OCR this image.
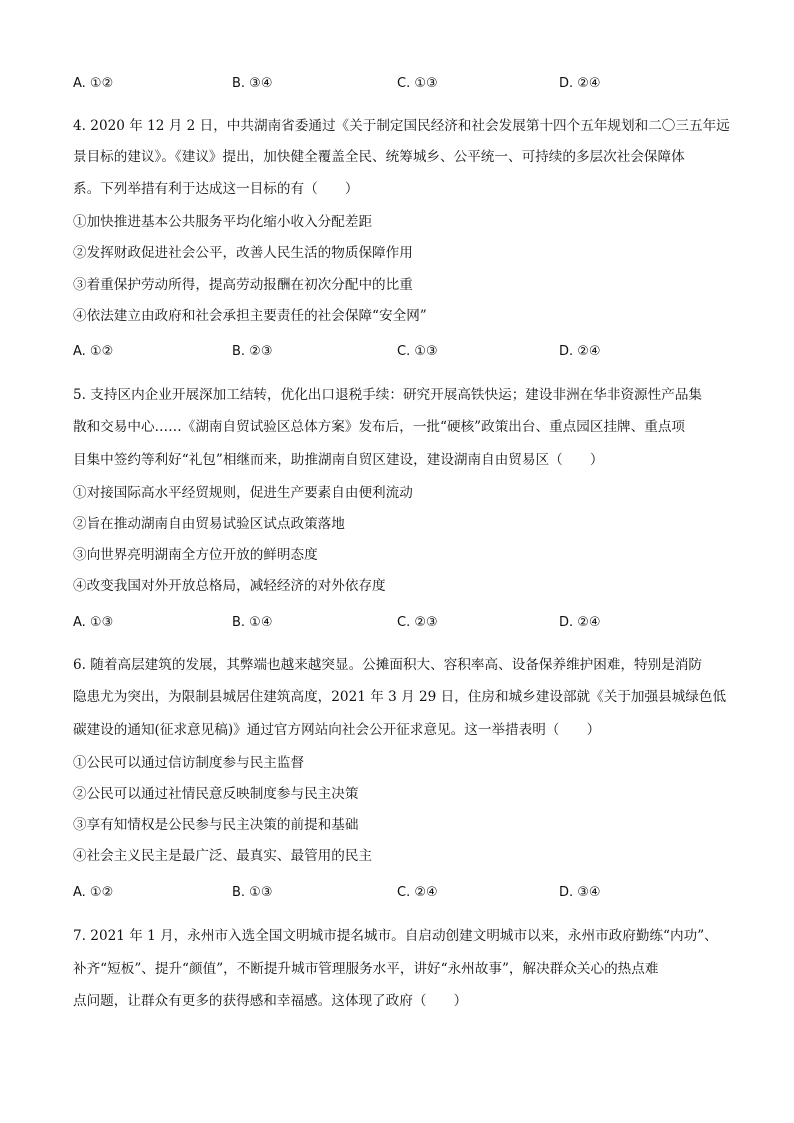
A. ①②	B. ③④	C. ①③	D. ②④
4. 2020 年 12 月 2 日，中共湖南省委通过《关于制定国民经济和社会发展第十四个五年规划和二〇三五年远
景目标的建议》。《建议》提出，加快健全覆盖全民、统筹城乡、公平统一、可持续的多层次社会保障体
系。下列举措有利于达成这一目标的有（　　）
①加快推进基本公共服务平均化缩小收入分配差距
②发挥财政促进社会公平，改善人民生活的物质保障作用
③着重保护劳动所得，提高劳动报酬在初次分配中的比重
④依法建立由政府和社会承担主要责任的社会保障“安全网”
A. ①②	B. ②③	C. ①③	D. ②④
5. 支持区内企业开展深加工结转，优化出口退税手续：研究开展高铁快运；建设非洲在华非资源性产品集
散和交易中心……《湖南自贸试验区总体方案》发布后，一批“硬核”政策出台、重点园区挂牌、重点项
目集中签约等利好“礼包”相继而来，助推湖南自贸区建设，建设湖南自由贸易区（　　）
①对接国际高水平经贸规则，促进生产要素自由便利流动
②旨在推动湖南自由贸易试验区试点政策落地
③向世界亮明湖南全方位开放的鲜明态度
④改变我国对外开放总格局，减轻经济的对外依存度
A. ①③	B. ①④	C. ②③	D. ②④
6. 随着高层建筑的发展，其弊端也越来越突显。公摊面积大、容积率高、设备保养维护困难，特别是消防
隐患尤为突出，为限制县城居住建筑高度，2021 年 3 月 29 日，住房和城乡建设部就《关于加强县城绿色低
碳建设的通知(征求意见稿)》通过官方网站向社会公开征求意见。这一举措表明（　　）
①公民可以通过信访制度参与民主监督
②公民可以通过社情民意反映制度参与民主决策
③享有知情权是公民参与民主决策的前提和基础
④社会主义民主是最广泛、最真实、最管用的民主
A. ①②	B. ①③	C. ②④	D. ③④
7. 2021 年 1 月，永州市入选全国文明城市提名城市。自启动创建文明城市以来，永州市政府勤练“内功”、
补齐“短板”、提升“颜值”，不断提升城市管理服务水平，讲好“永州故事”，解决群众关心的热点难
点问题，让群众有更多的获得感和幸福感。这体现了政府（　　）
